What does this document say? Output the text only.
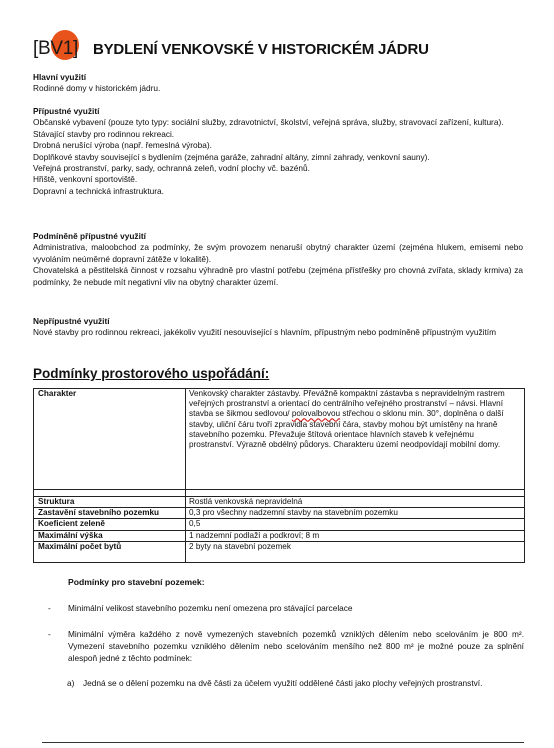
[BV1]	BYDLENÍ VENKOVSKÉ V HISTORICKÉM JÁDRU
Hlavní využití
Rodinné domy v historickém jádru.
Přípustné využití
Občanské vybavení (pouze tyto typy: sociální služby, zdravotnictví, školství, veřejná správa, služby, stravovací zařízení, kultura).
Stávající stavby pro rodinnou rekreaci.
Drobná nerušící výroba (např. řemeslná výroba).
Doplňkové stavby související s bydlením (zejména garáže, zahradní altány, zimní zahrady, venkovní sauny).
Veřejná prostranství, parky, sady, ochranná zeleň, vodní plochy vč. bazénů.
Hřiště, venkovní sportoviště.
Dopravní a technická infrastruktura.
Podmíněně přípustné využití
Administrativa, maloobchod za podmínky, že svým provozem nenaruší obytný charakter území (zejména hlukem, emisemi nebo vyvoláním neúměrné dopravní zátěže v lokalitě).
Chovatelská a pěstitelská činnost v rozsahu výhradně pro vlastní potřebu (zejména přístřešky pro chovná zvířata, sklady krmiva) za podmínky, že nebude mít negativní vliv na obytný charakter území.
Nepřípustné využití
Nové stavby pro rodinnou rekreaci, jakékoliv využití nesouvisející s hlavním, přípustným nebo podmíněně přípustným využitím
Podmínky prostorového uspořádání:
Charakter	Venkovský charakter zástavby. Převážně kompaktní zástavba s nepravidelným rastrem veřejných prostranství a orientací do centrálního veřejného prostranství – návsi. Hlavní stavba se šikmou sedlovou/ polovalbovou střechou o sklonu min. 30°, doplněna o další stavby, uliční čáru tvoří zpravidla stavební čára, stavby mohou být umístěny na hraně stavebního pozemku. Převažuje štítová orientace hlavních staveb k veřejnému prostranství. Výrazně obdélný půdorys. Charakteru území neodpovídají mobilní domy.

Struktura	Rostlá venkovská nepravidelná
Zastavění stavebního pozemku	0,3 pro všechny nadzemní stavby na stavebním pozemku
Koeficient zeleně	0,5
Maximální výška	1 nadzemní podlaží a podkroví; 8 m
Maximální počet bytů	2 byty na stavební pozemek
Podmínky pro stavební pozemek:
- Minimální velikost stavebního pozemku není omezena pro stávající parcelace
- Minimální výměra každého z nově vymezených stavebních pozemků vzniklých dělením nebo scelováním je 800 m². Vymezení stavebního pozemku vzniklého dělením nebo scelováním menšího než 800 m² je možné pouze za splnění alespoň jedné z těchto podmínek:
a) Jedná se o dělení pozemku na dvě části za účelem využití oddělené části jako plochy veřejných prostranství.
